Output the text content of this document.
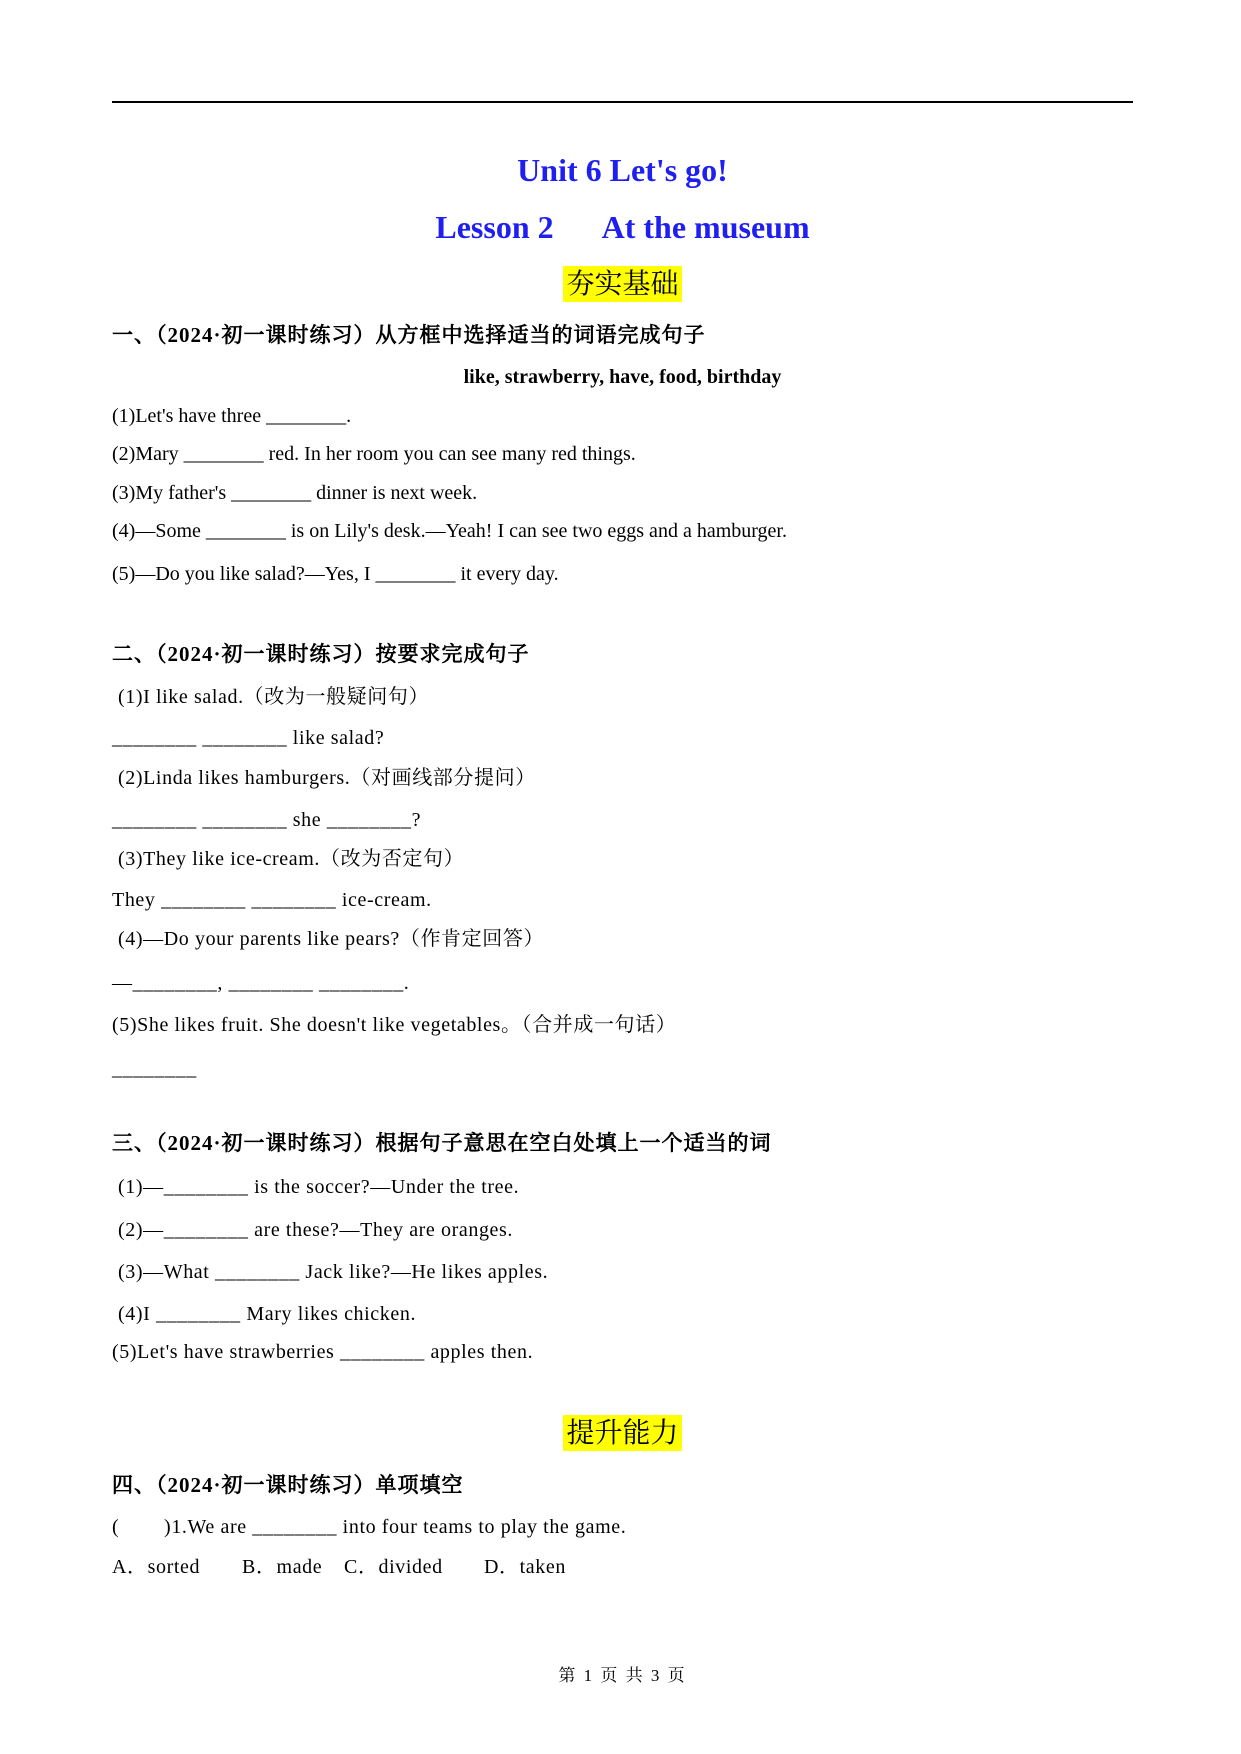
Unit 6 Let's go!
Lesson 2 At the museum
夯实基础
一、（2024·初一课时练习）从方框中选择适当的词语完成句子
like, strawberry, have, food, birthday
(1)Let's have three ________.
(2)Mary ________ red. In her room you can see many red things.
(3)My father's ________ dinner is next week.
(4)—Some ________ is on Lily's desk.—Yeah! I can see two eggs and a hamburger.
(5)—Do you like salad?—Yes, I ________ it every day.
二、（2024·初一课时练习）按要求完成句子
(1)I like salad.（改为一般疑问句）
________ ________ like salad?
(2)Linda likes hamburgers.（对画线部分提问）
________ ________ she ________?
(3)They like ice-cream.（改为否定句）
They ________ ________ ice-cream.
(4)—Do your parents like pears?（作肯定回答）
—________, ________ ________.
(5)She likes fruit. She doesn't like vegetables。（合并成一句话）
________
三、（2024·初一课时练习）根据句子意思在空白处填上一个适当的词
(1)—________ is the soccer?—Under the tree.
(2)—________ are these?—They are oranges.
(3)—What ________ Jack like?—He likes apples.
(4)I ________ Mary likes chicken.
(5)Let's have strawberries ________ apples then.
提升能力
四、（2024·初一课时练习）单项填空
(        )1.We are ________ into four teams to play the game.

A．sorted

B．made

C．divided

D．taken

第 1 页 共 3 页
